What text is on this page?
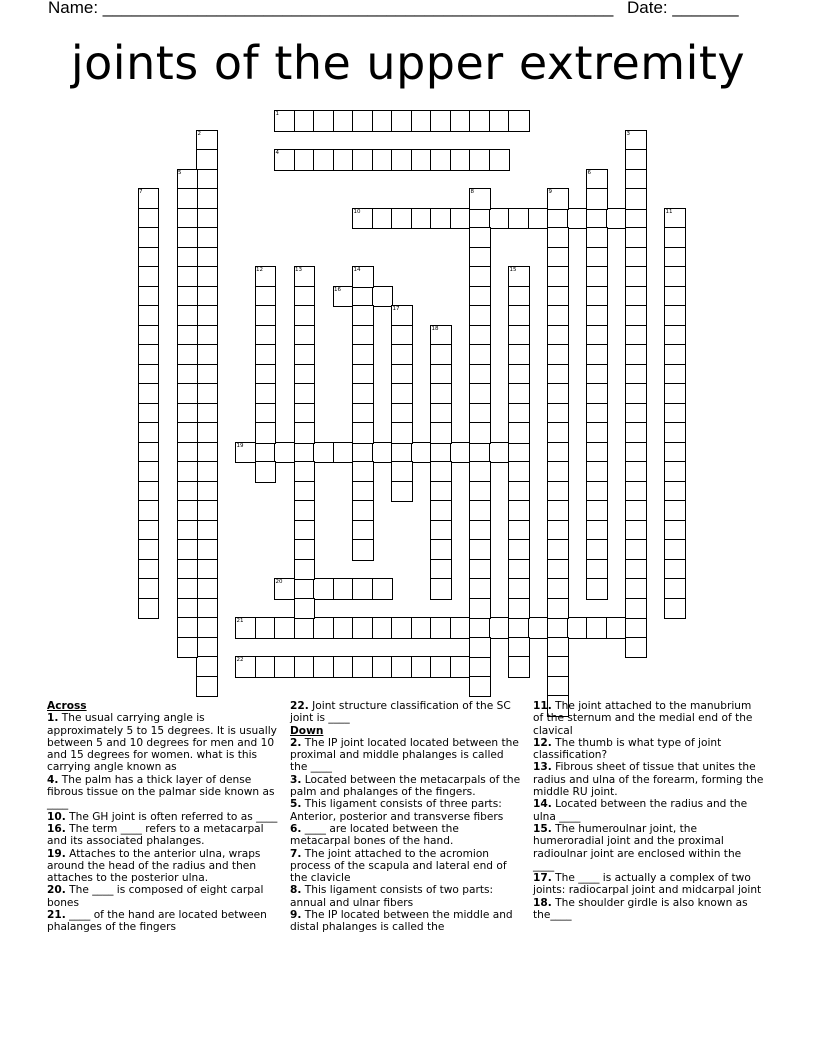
Name: ______________________________________________________ Date: _______
joints of the upper extremity
1
4
10
16
19
20
21
22
2	3
5	6
7	8	9
11
12	13	14	15
17
18
Across
1. The usual carrying angle is approximately 5 to 15 degrees. It is usually between 5 and 10 degrees for men and 10 and 15 degrees for women. what is this carrying angle known as
4. The palm has a thick layer of dense fibrous tissue on the palmar side known as ____
10. The GH joint is often referred to as ____
16. The term ____ refers to a metacarpal and its associated phalanges.
19. Attaches to the anterior ulna, wraps around the head of the radius and then attaches to the posterior ulna.
20. The ____ is composed of eight carpal bones
21. ____ of the hand are located between phalanges of the fingers
22. Joint structure classification of the SC joint is ____
Down
2. The IP joint located located between the proximal and middle phalanges is called the ____
3. Located between the metacarpals of the palm and phalanges of the fingers.
5. This ligament consists of three parts: Anterior, posterior and transverse fibers
6. ____ are located between the metacarpal bones of the hand.
7. The joint attached to the acromion process of the scapula and lateral end of the clavicle
8. This ligament consists of two parts: annual and ulnar fibers
9. The IP located between the middle and distal phalanges is called the
11. The joint attached to the manubrium of the sternum and the medial end of the clavical
12. The thumb is what type of joint classification?
13. Fibrous sheet of tissue that unites the radius and ulna of the forearm, forming the middle RU joint.
14. Located between the radius and the ulna ____
15. The humeroulnar joint, the humeroradial joint and the proximal radioulnar joint are enclosed within the ____
17. The ____ is actually a complex of two joints: radiocarpal joint and midcarpal joint
18. The shoulder girdle is also known as the____
